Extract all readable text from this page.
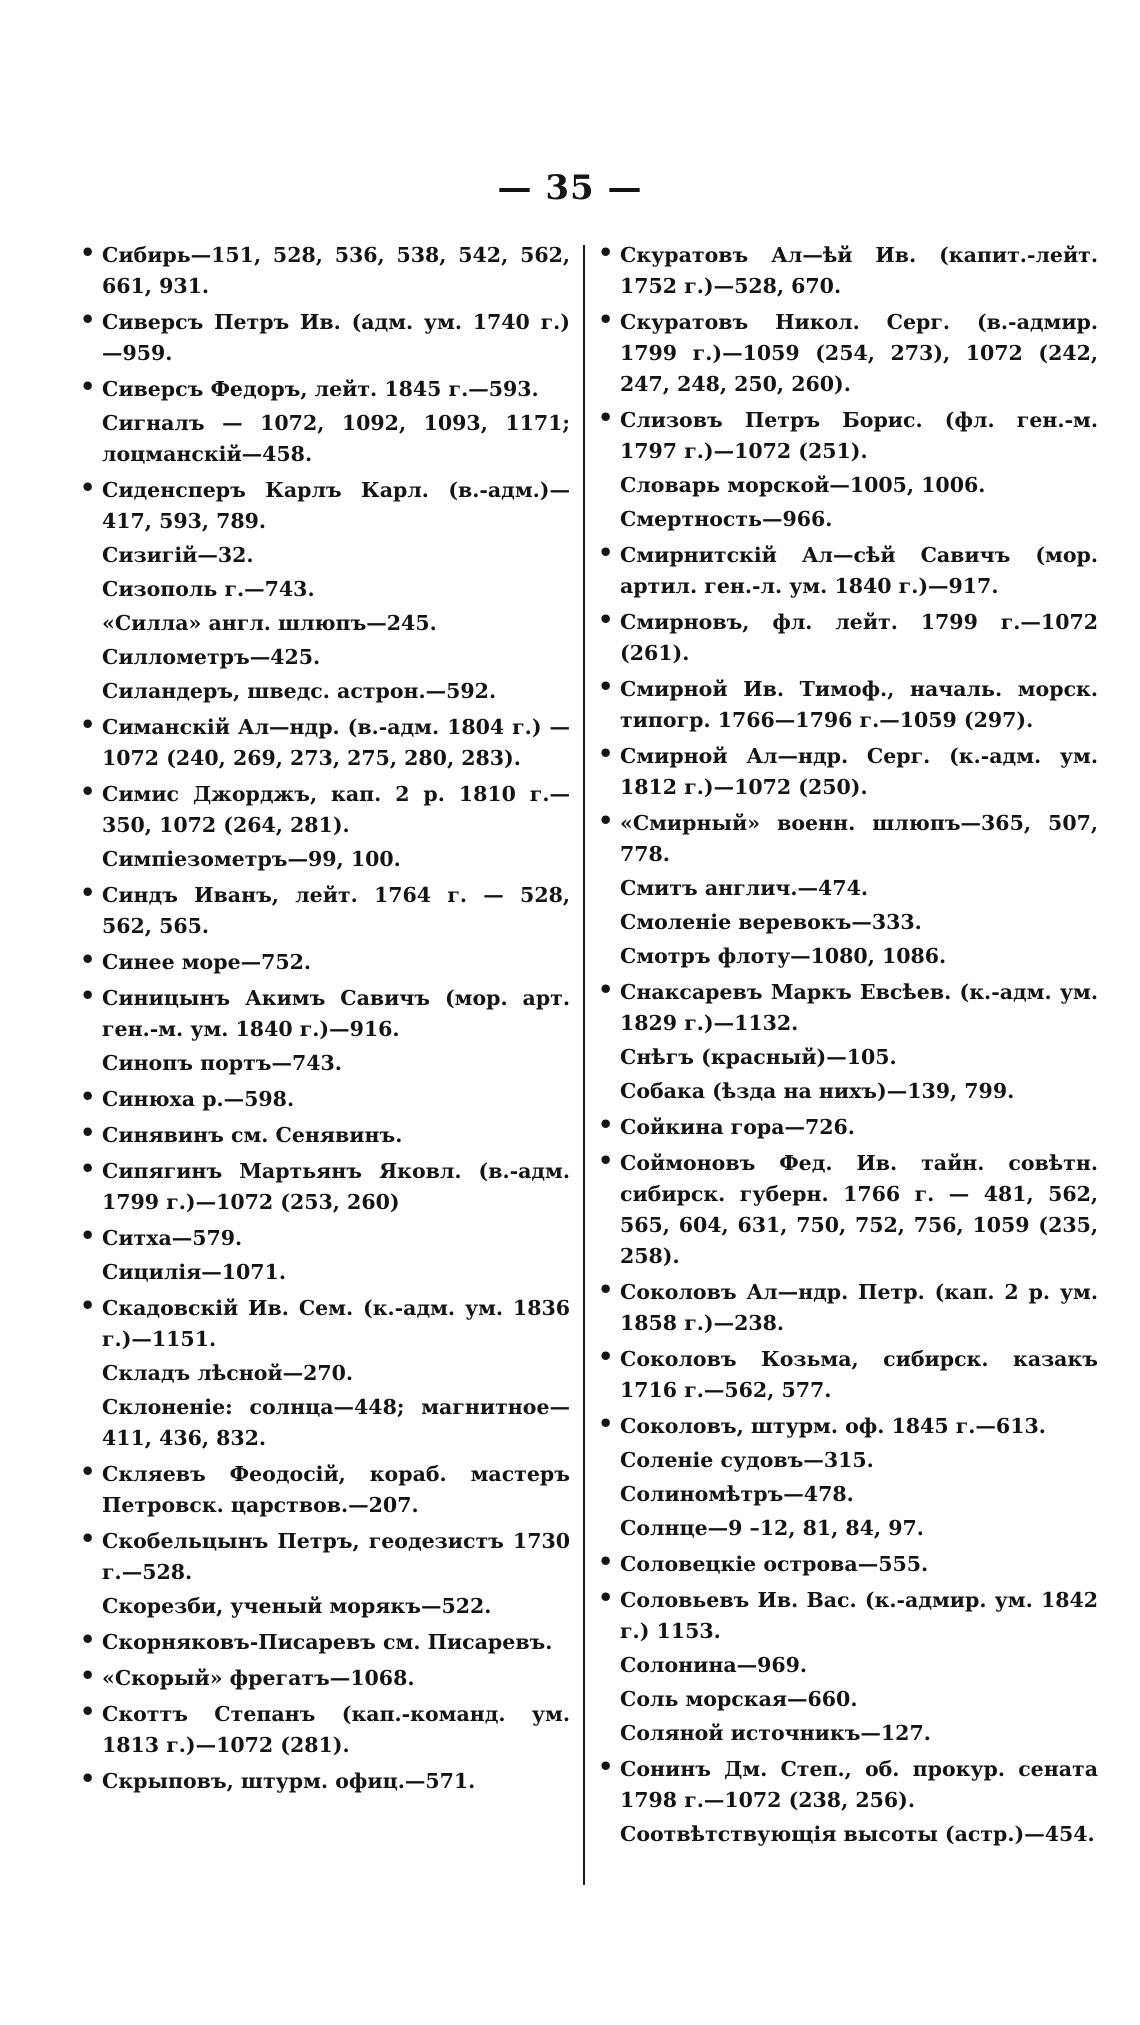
— 35 —
• Сибирь—151, 528, 536, 538, 542, 562, 661, 931.
• Сиверсъ Петръ Ив. (адм. ум. 1740 г.) —959.
• Сиверсъ Федоръ, лейт. 1845 г.—593.
Сигналъ — 1072, 1092, 1093, 1171; лоцманскій—458.
• Сиденсперъ Карлъ Карл. (в.-адм.)—417, 593, 789.
Сизигій—32.
Сизополь г.—743.
«Силла» англ. шлюпъ—245.
Силлометръ—425.
Силандеръ, шведс. астрон.—592.
• Симанскій Ал—ндр. (в.-адм. 1804 г.) —1072 (240, 269, 273, 275, 280, 283).
• Симис Джорджъ, кап. 2 р. 1810 г.—350, 1072 (264, 281).
Симпіезометръ—99, 100.
• Синдъ Иванъ, лейт. 1764 г. — 528, 562, 565.
• Синее море—752.
• Синицынъ Акимъ Савичъ (мор. арт. ген.-м. ум. 1840 г.)—916.
Синопъ портъ—743.
• Синюха р.—598.
• Синявинъ см. Сенявинъ.
• Сипягинъ Мартьянъ Яковл. (в.-адм. 1799 г.)—1072 (253, 260)
• Ситха—579.
Сицилія—1071.
• Скадовскій Ив. Сем. (к.-адм. ум. 1836 г.)—1151.
Складъ лѣсной—270.
Склоненіе: солнца—448; магнитное—411, 436, 832.
• Скляевъ Феодосій, кораб. мастеръ Петровск. царствов.—207.
• Скобельцынъ Петръ, геодезистъ 1730 г.—528.
Скорезби, ученый морякъ—522.
• Скорняковъ-Писаревъ см. Писаревъ.
• «Скорый» фрегатъ—1068.
• Скоттъ Степанъ (кап.-команд. ум. 1813 г.)—1072 (281).
• Скрыповъ, штурм. офиц.—571.
• Скуратовъ Ал—ѣй Ив. (капит.-лейт. 1752 г.)—528, 670.
• Скуратовъ Никол. Серг. (в.-адмир. 1799 г.)—1059 (254, 273), 1072 (242, 247, 248, 250, 260).
• Слизовъ Петръ Борис. (фл. ген.-м. 1797 г.)—1072 (251).
Словарь морской—1005, 1006.
Смертность—966.
• Смирнитскій Ал—сѣй Савичъ (мор. артил. ген.-л. ум. 1840 г.)—917.
• Смирновъ, фл. лейт. 1799 г.—1072 (261).
• Смирной Ив. Тимоф., началь. морск. типогр. 1766—1796 г.—1059 (297).
• Смирной Ал—ндр. Серг. (к.-адм. ум. 1812 г.)—1072 (250).
• «Смирный» военн. шлюпъ—365, 507, 778.
Смитъ англич.—474.
Смоленіе веревокъ—333.
Смотръ флоту—1080, 1086.
• Снаксаревъ Маркъ Евсѣев. (к.-адм. ум. 1829 г.)—1132.
Снѣгъ (красный)—105.
Собака (ѣзда на нихъ)—139, 799.
• Сойкина гора—726.
• Соймоновъ Фед. Ив. тайн. совѣтн. сибирск. губерн. 1766 г. — 481, 562, 565, 604, 631, 750, 752, 756, 1059 (235, 258).
• Соколовъ Ал—ндр. Петр. (кап. 2 р. ум. 1858 г.)—238.
• Соколовъ Козьма, сибирск. казакъ 1716 г.—562, 577.
• Соколовъ, штурм. оф. 1845 г.—613.
Соленіе судовъ—315.
Солиномѣтръ—478.
Солнце—9 –12, 81, 84, 97.
• Соловецкіе острова—555.
• Соловьевъ Ив. Вас. (к.-адмир. ум. 1842 г.) 1153.
Солонина—969.
Соль морская—660.
Соляной источникъ—127.
• Сонинъ Дм. Степ., об. прокур. сената 1798 г.—1072 (238, 256).
Соотвѣтствующія высоты (астр.)—454.
